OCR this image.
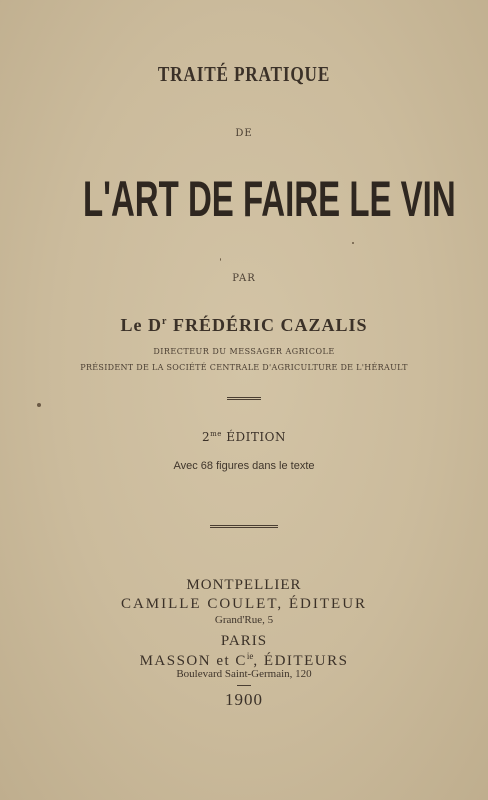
TRAITÉ PRATIQUE
DE
L'ART DE FAIRE LE VIN
PAR
Le $D^r$ FRÉDÉRIC CAZALIS
DIRECTEUR DU MESSAGER AGRICOLE
PRÉSIDENT DE LA SOCIÉTÉ CENTRALE D'AGRICULTURE DE L'HÉRAULT
$2^{me}$ ÉDITION
Avec 68 figures dans le texte
MONTPELLIER
CAMILLE COULET, ÉDITEUR
Grand'Rue, 5
PARIS
MASSON et $C^{ie}$, ÉDITEURS
Boulevard Saint-Germain, 120
1900
